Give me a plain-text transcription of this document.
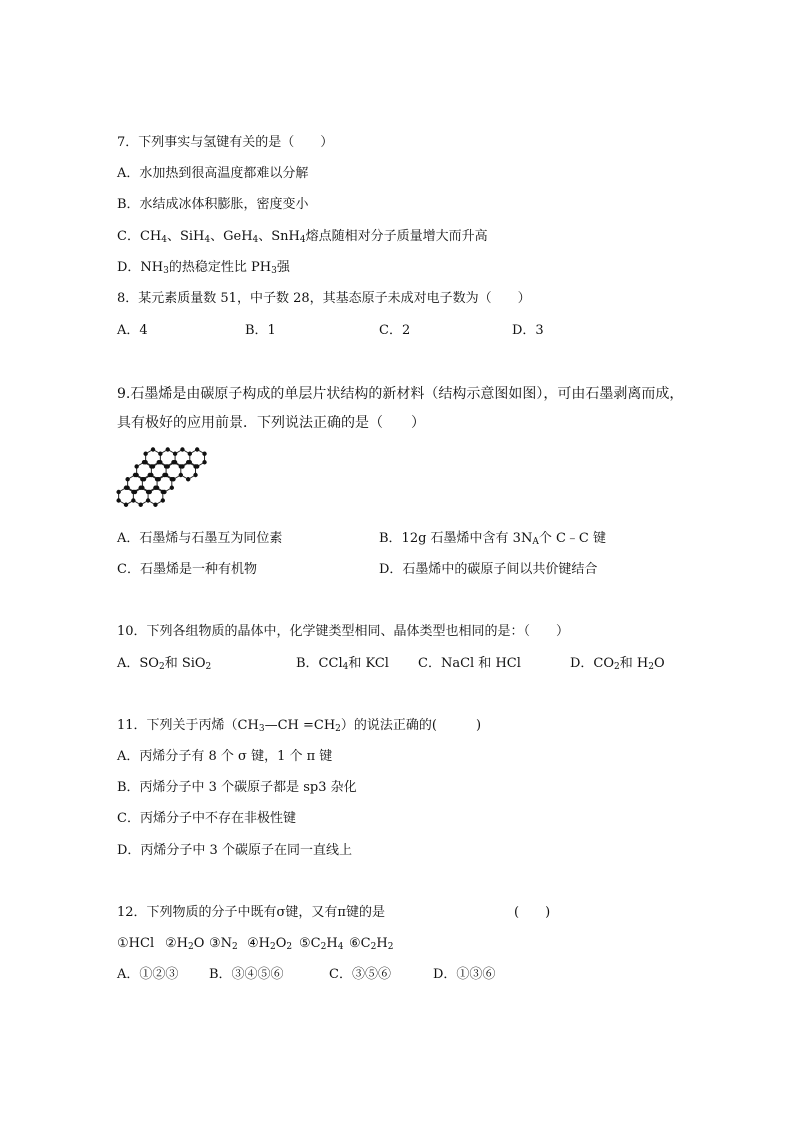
7．下列事实与氢键有关的是（　　）
A．水加热到很高温度都难以分解
B．水结成冰体积膨胀，密度变小
C．$CH_4$、SiH$_4$、GeH$_4$、SnH$_4$熔点随相对分子质量增大而升高
D．$NH_3$的热稳定性比 $PH_3$强
8．某元素质量数 51，中子数 28，其基态原子未成对电子数为（　　）
A．4	B．1	C．2	D．3
9.石墨烯是由碳原子构成的单层片状结构的新材料（结构示意图如图），可由石墨剥离而成，
具有极好的应用前景．下列说法正确的是（　　）
A．石墨烯与石墨互为同位素	B．12g 石墨烯中含有 $3N_A$个 C﹣C 键
C．石墨烯是一种有机物	D．石墨烯中的碳原子间以共价键结合
10．下列各组物质的晶体中，化学键类型相同、晶体类型也相同的是：（　　）
A．$SO_2$和 SiO$_2$	B．CCl$_4$和 KCl C．NaCl 和 HCl	D．$CO_2$和 $H_2O$
11．下列关于丙烯$(CH_3—CH =CH_2)$的说法正确的(　　　)
A．丙烯分子有 8 个 σ 键，1 个 π 键
B．丙烯分子中 3 个碳原子都是 sp3 杂化
C．丙烯分子中不存在非极性键
D．丙烯分子中 3 个碳原子在同一直线上
12．下列物质的分子中既有σ键，又有π键的是	(　　)
①HCl $②H_2O$ $③N_2$ $④H_2O_2$ $⑤C_2H_4$ $⑥C_2H_2$
A．①②③ B．③④⑤⑥	C．③⑤⑥	D．①③⑥
